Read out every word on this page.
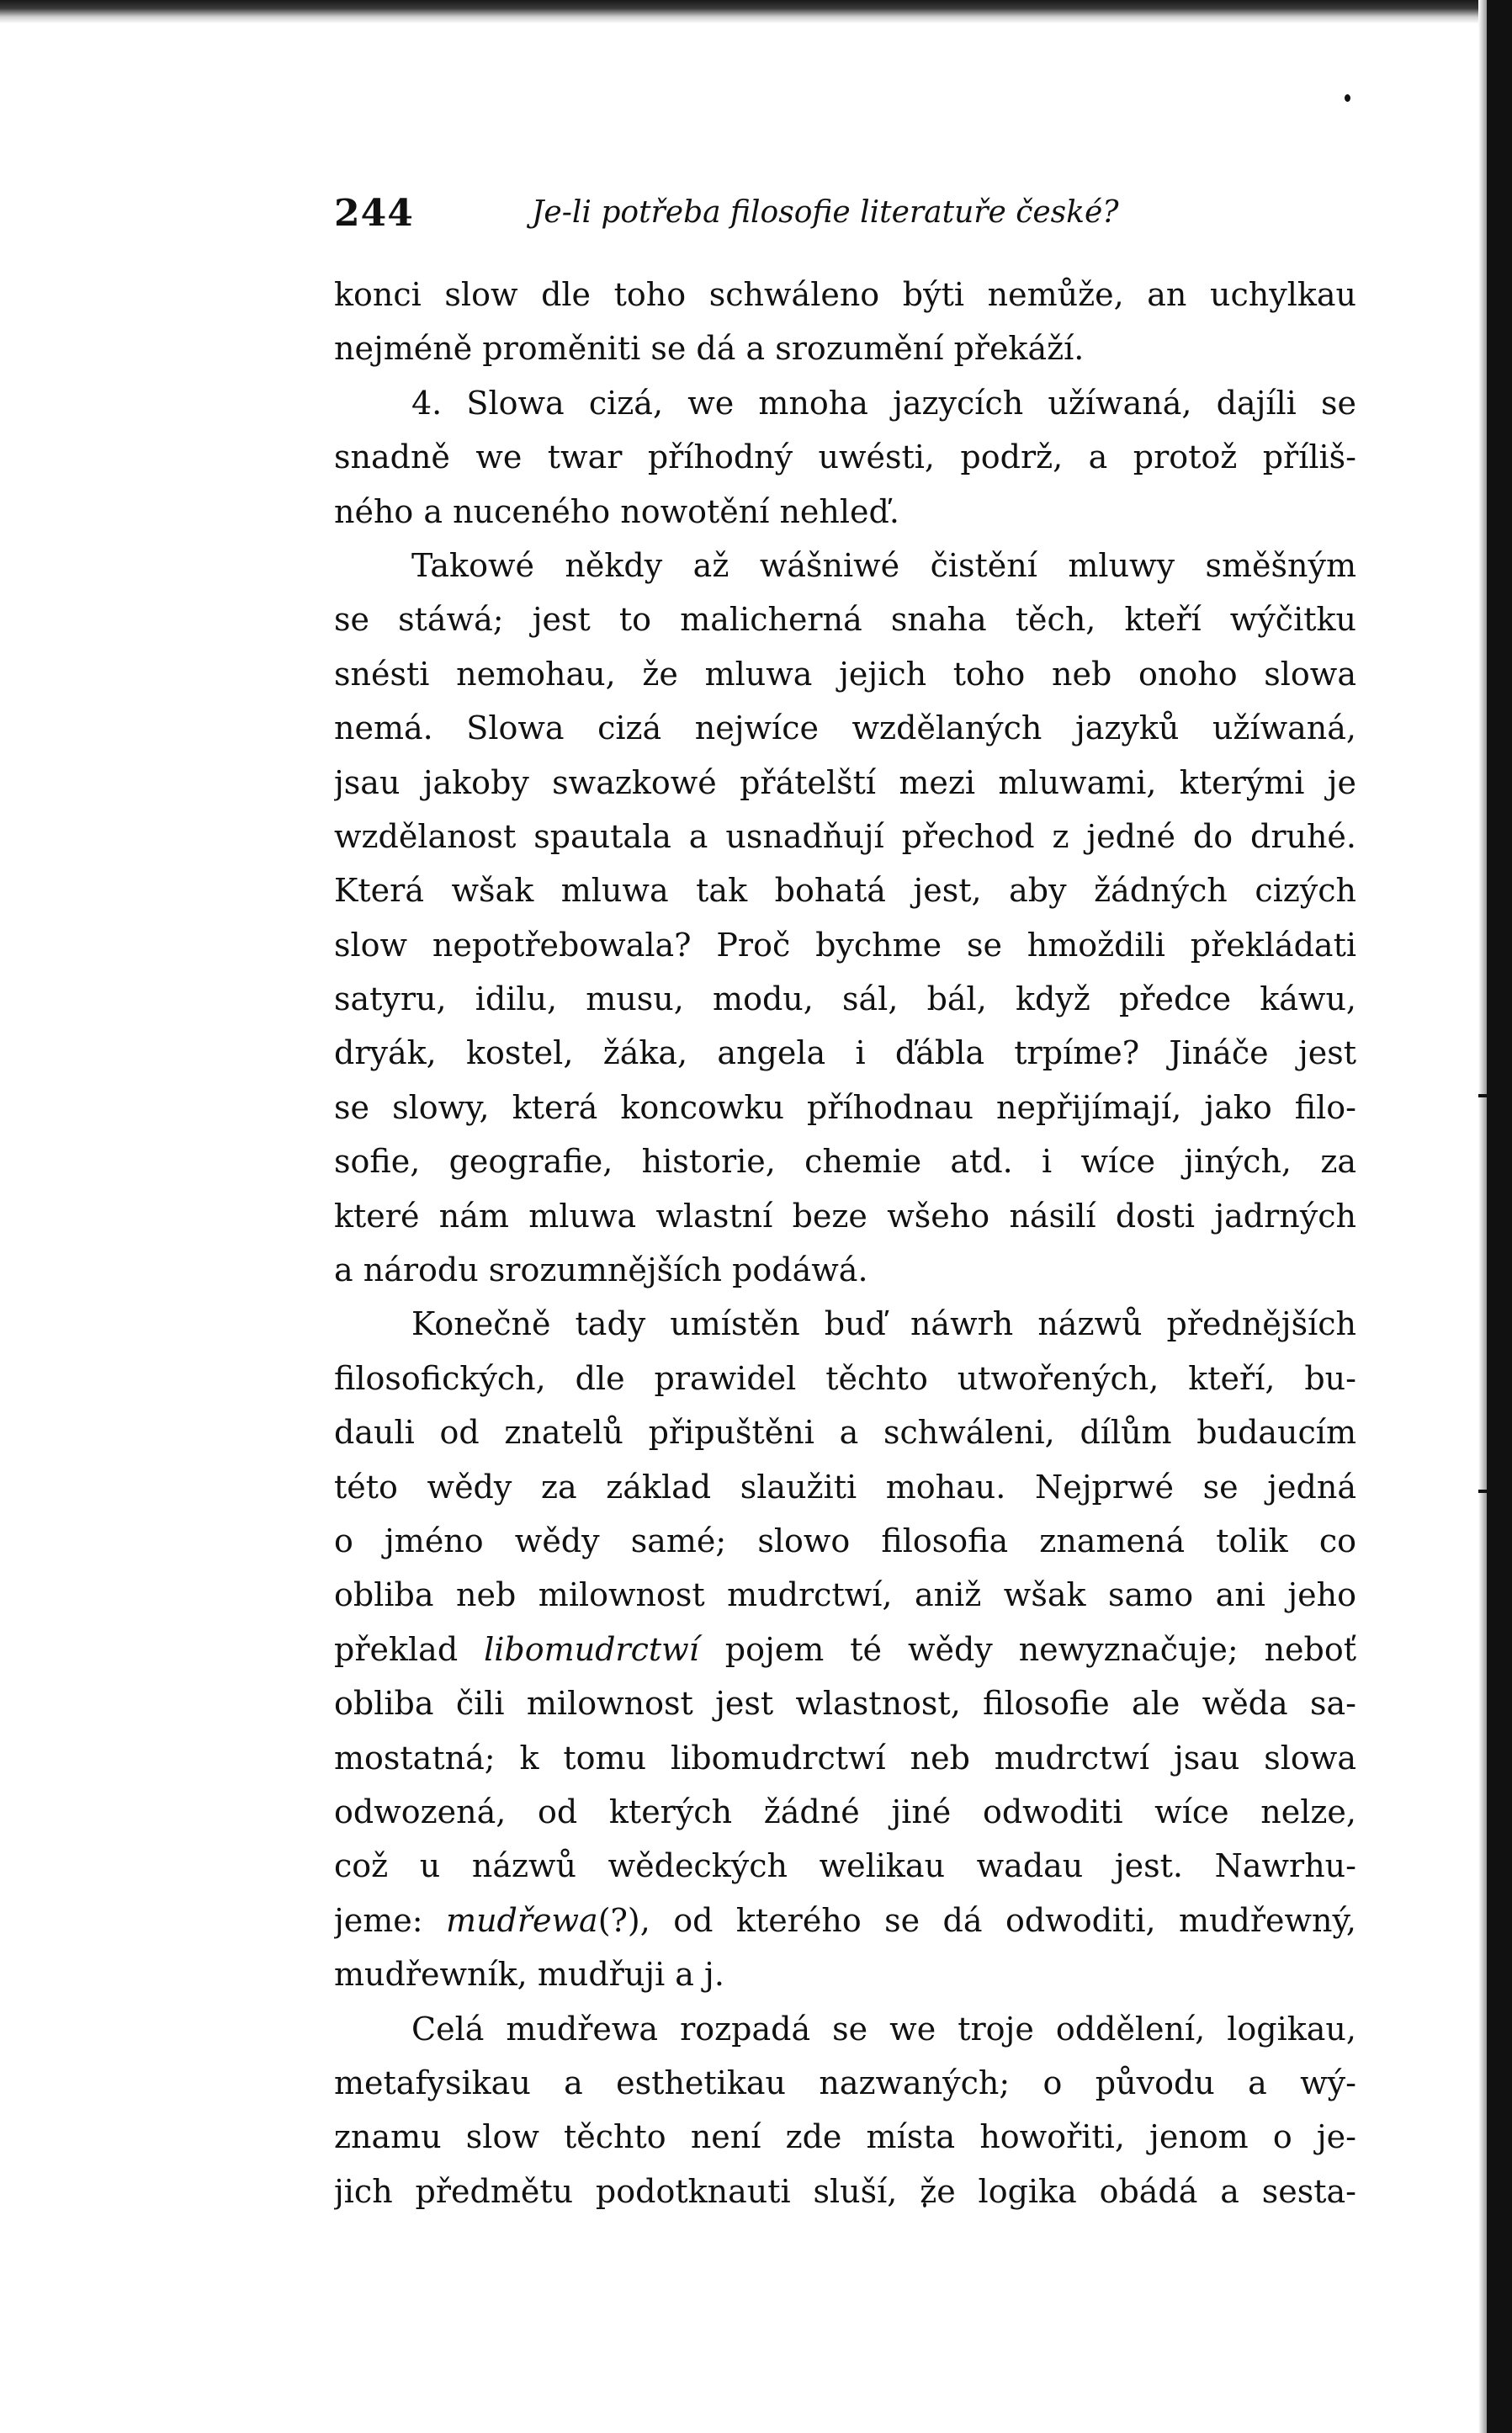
244	Je-li potřeba filosofie literatuře české?
konci slow dle toho schwáleno býti nemůže, an uchylkau
nejméně proměniti se dá a srozumění překáží.
4. Slowa cizá, we mnoha jazycích užíwaná, dajíli se
snadně we twar příhodný uwésti, podrž, a protož příliš-
ného a nuceného nowotění nehleď.
Takowé někdy až wášniwé čistění mluwy směšným
se stáwá; jest to malicherná snaha těch, kteří wýčitku
snésti nemohau, že mluwa jejich toho neb onoho slowa
nemá. Slowa cizá nejwíce wzdělaných jazyků užíwaná,
jsau jakoby swazkowé přátelští mezi mluwami, kterými je
wzdělanost spautala a usnadňují přechod z jedné do druhé.
Která wšak mluwa tak bohatá jest, aby žádných cizých
slow nepotřebowala? Proč bychme se hmoždili překládati
satyru, idilu, musu, modu, sál, bál, když předce káwu,
dryák, kostel, žáka, angela i ďábla trpíme? Jináče jest
se slowy, která koncowku příhodnau nepřijímají, jako filo-
sofie, geografie, historie, chemie atd. i wíce jiných, za
které nám mluwa wlastní beze wšeho násilí dosti jadrných
a národu srozumnějších podáwá.
Konečně tady umístěn buď náwrh názwů přednějších
filosofických, dle prawidel těchto utwořených, kteří, bu-
dauli od znatelů připuštěni a schwáleni, dílům budaucím
této wědy za základ slaužiti mohau. Nejprwé se jedná
o jméno wědy samé; slowo filosofia znamená tolik co
obliba neb milownost mudrctwí, aniž wšak samo ani jeho
překlad libomudrctwí pojem té wědy newyznačuje; neboť
obliba čili milownost jest wlastnost, filosofie ale wěda sa-
mostatná; k tomu libomudrctwí neb mudrctwí jsau slowa
odwozená, od kterých žádné jiné odwoditi wíce nelze,
což u názwů wědeckých welikau wadau jest. Nawrhu-
jeme: mudřewa(?), od kterého se dá odwoditi, mudřewný,
mudřewník, mudřuji a j.
Celá mudřewa rozpadá se we troje oddělení, logikau,
metafysikau a esthetikau nazwaných; o původu a wý-
znamu slow těchto není zde místa howořiti, jenom o je-
jich předmětu podotknauti sluší, že logika obádá a sesta-
